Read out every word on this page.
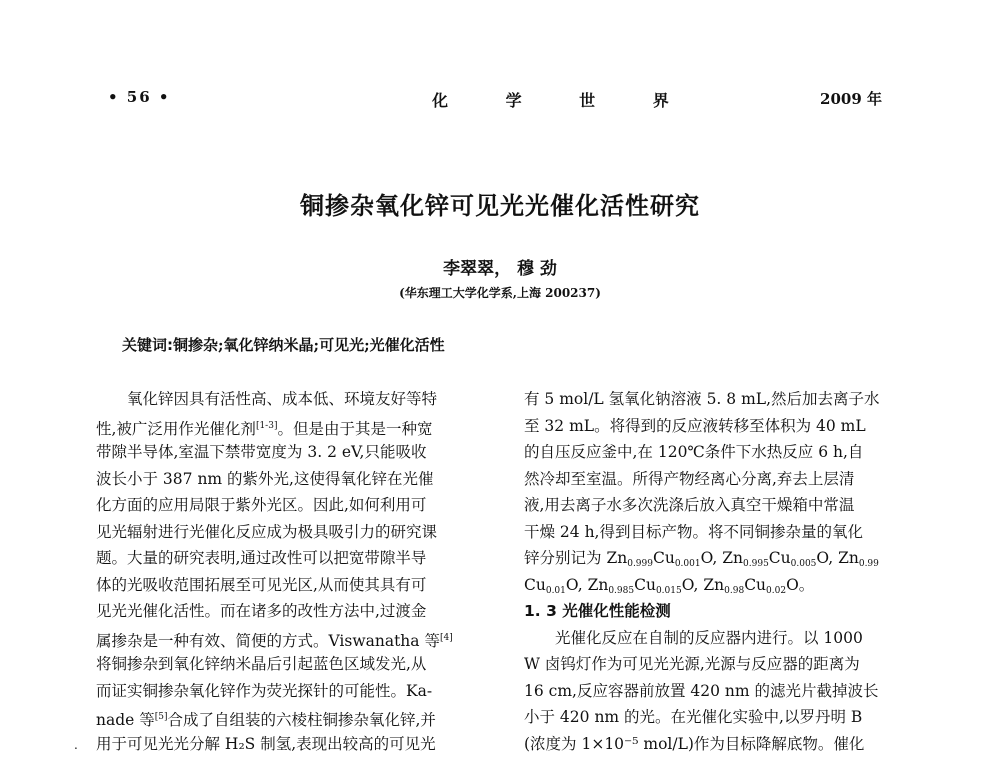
• 56 •	化 学 世 界	2009 年
铜掺杂氧化锌可见光光催化活性研究
李翠翠， 穆 劲
(华东理工大学化学系,上海 200237)
关键词:铜掺杂;氧化锌纳米晶;可见光;光催化活性
氧化锌因具有活性高、成本低、环境友好等特
性,被广泛用作光催化剂[1-3]。但是由于其是一种宽
带隙半导体,室温下禁带宽度为 3. 2 eV,只能吸收
波长小于 387 nm 的紫外光,这使得氧化锌在光催
化方面的应用局限于紫外光区。因此,如何利用可
见光辐射进行光催化反应成为极具吸引力的研究课
题。大量的研究表明,通过改性可以把宽带隙半导
体的光吸收范围拓展至可见光区,从而使其具有可
见光光催化活性。而在诸多的改性方法中,过渡金
属掺杂是一种有效、简便的方式。Viswanatha 等[4]
将铜掺杂到氧化锌纳米晶后引起蓝色区域发光,从
而证实铜掺杂氧化锌作为荧光探针的可能性。Ka-
nade 等[5]合成了自组装的六棱柱铜掺杂氧化锌,并
用于可见光光分解 H₂S 制氢,表现出较高的可见光
有 5 mol/L 氢氧化钠溶液 5. 8 mL,然后加去离子水
至 32 mL。将得到的反应液转移至体积为 40 mL
的自压反应釜中,在 120℃条件下水热反应 6 h,自
然冷却至室温。所得产物经离心分离,弃去上层清
液,用去离子水多次洗涤后放入真空干燥箱中常温
干燥 24 h,得到目标产物。将不同铜掺杂量的氧化
锌分别记为 $Zn_{0.999}Cu_{0.001}O$, $Zn_{0.995}Cu_{0.005}O$, $Zn_{0.99}$
$Cu_{0.01}O$, $Zn_{0.985}Cu_{0.015}O$, $Zn_{0.98}Cu_{0.02}O$。
1. 3 光催化性能检测
光催化反应在自制的反应器内进行。以 1000
W 卤钨灯作为可见光光源,光源与反应器的距离为
16 cm,反应容器前放置 420 nm 的滤光片截掉波长
小于 420 nm 的光。在光催化实验中,以罗丹明 B
(浓度为 1×10⁻⁵ mol/L)作为目标降解底物。催化
.
